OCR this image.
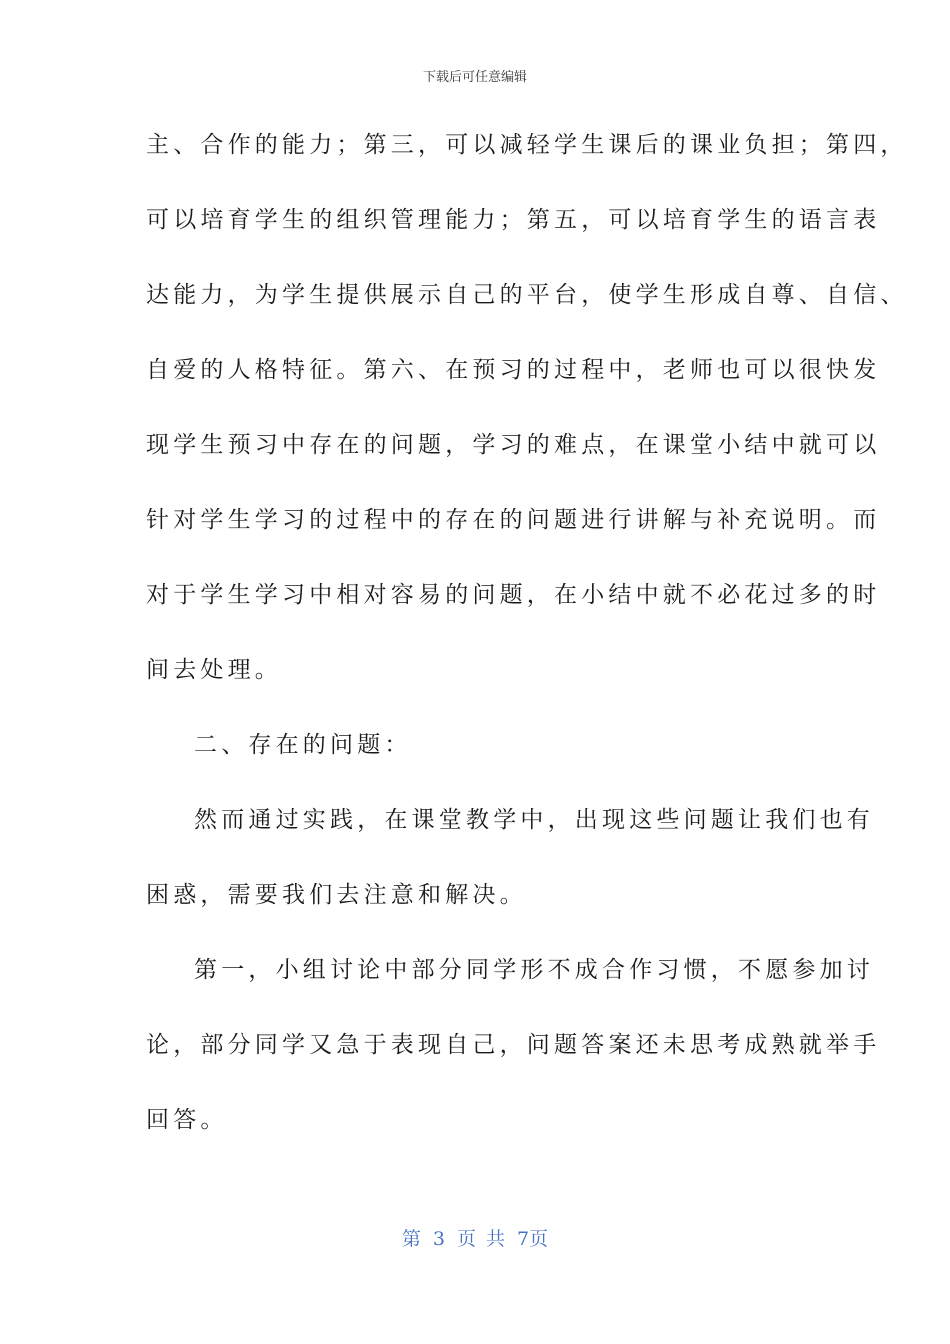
下载后可任意编辑
主、合作的能力；第三，可以减轻学生课后的课业负担；第四，
可以培育学生的组织管理能力；第五，可以培育学生的语言表
达能力，为学生提供展示自己的平台，使学生形成自尊、自信、
自爱的人格特征。第六、在预习的过程中，老师也可以很快发
现学生预习中存在的问题，学习的难点，在课堂小结中就可以
针对学生学习的过程中的存在的问题进行讲解与补充说明。而
对于学生学习中相对容易的问题，在小结中就不必花过多的时
间去处理。
二、存在的问题：
然而通过实践，在课堂教学中，出现这些问题让我们也有
困惑，需要我们去注意和解决。
第一，小组讨论中部分同学形不成合作习惯，不愿参加讨
论，部分同学又急于表现自己，问题答案还未思考成熟就举手
回答。
第 3 页 共 7页
